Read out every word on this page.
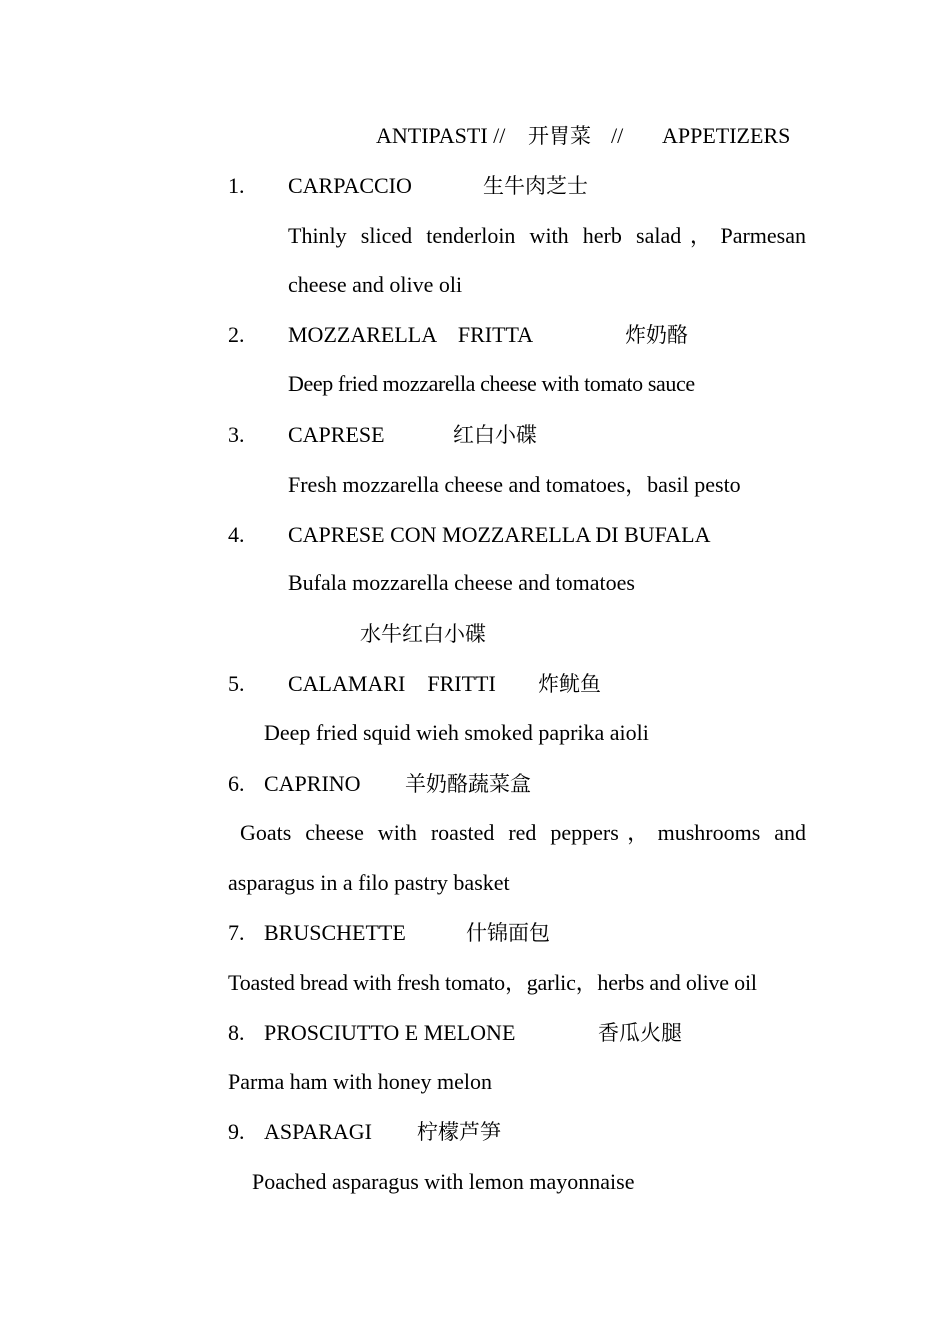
ANTIPASTI // 开胃菜 // APPETIZERS
1. CARPACCIO	生牛肉芝士
Thinly sliced tenderloin with herb salad，Parmesan
cheese and olive oli
2. MOZZARELLA    FRITTA	炸奶酪
Deep fried mozzarella cheese with tomato sauce
3. CAPRESE	红白小碟
Fresh mozzarella cheese and tomatoes，basil pesto
4. CAPRESE CON MOZZARELLA DI BUFALA
Bufala mozzarella cheese and tomatoes
水牛红白小碟
5. CALAMARI    FRITTI 炸鱿鱼
Deep fried squid wieh smoked paprika aioli
6. CAPRINO 羊奶酪蔬菜盒
Goats cheese with roasted red peppers，mushrooms and
asparagus in a filo pastry basket
7. BRUSCHETTE	什锦面包
Toasted bread with fresh tomato，garlic，herbs and olive oil
8. PROSCIUTTO E MELONE	香瓜火腿
Parma ham with honey melon
9. ASPARAGI 柠檬芦笋
Poached asparagus with lemon mayonnaise
